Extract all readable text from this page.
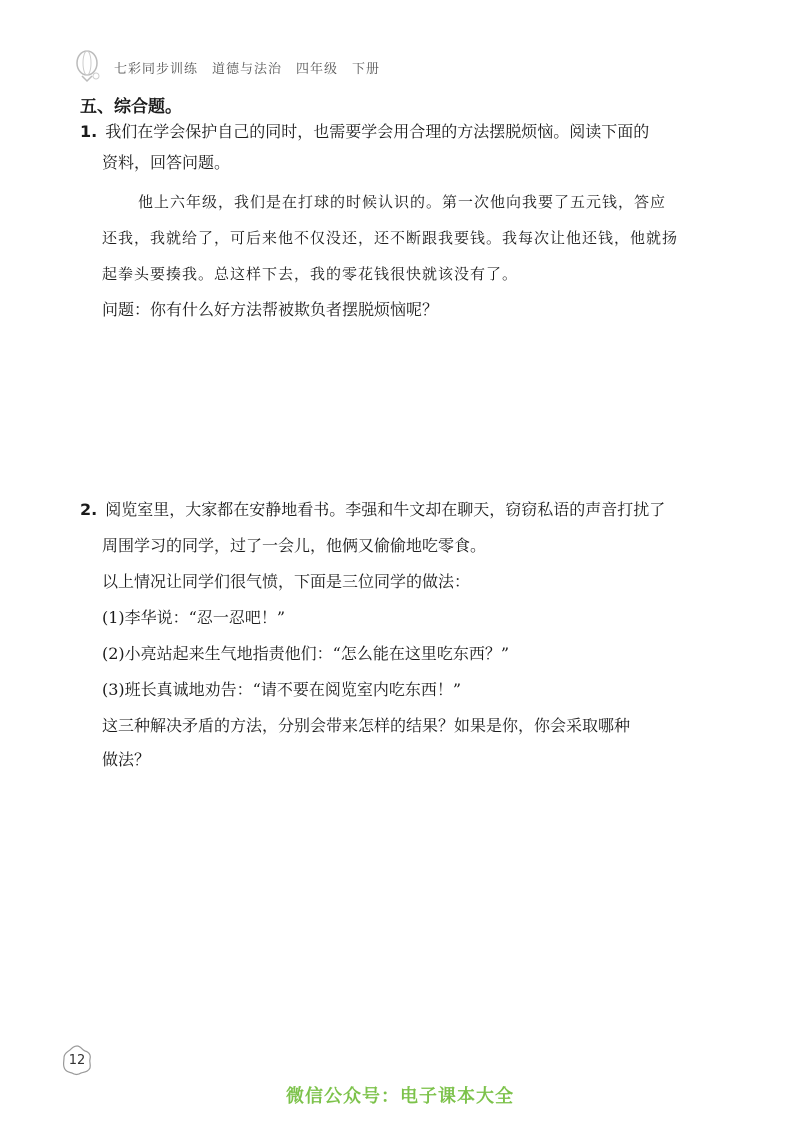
七彩同步训练　道德与法治　四年级　下册
五、综合题。
1. 我们在学会保护自己的同时，也需要学会用合理的方法摆脱烦恼。阅读下面的
资料，回答问题。
他上六年级，我们是在打球的时候认识的。第一次他向我要了五元钱，答应
还我，我就给了，可后来他不仅没还，还不断跟我要钱。我每次让他还钱，他就扬
起拳头要揍我。总这样下去，我的零花钱很快就该没有了。
问题：你有什么好方法帮被欺负者摆脱烦恼呢？
2. 阅览室里，大家都在安静地看书。李强和牛文却在聊天，窃窃私语的声音打扰了
周围学习的同学，过了一会儿，他俩又偷偷地吃零食。
以上情况让同学们很气愤，下面是三位同学的做法：
(1)李华说：“忍一忍吧！”
(2)小亮站起来生气地指责他们：“怎么能在这里吃东西？”
(3)班长真诚地劝告：“请不要在阅览室内吃东西！”
这三种解决矛盾的方法，分别会带来怎样的结果？如果是你，你会采取哪种
做法？
12
微信公众号：电子课本大全
